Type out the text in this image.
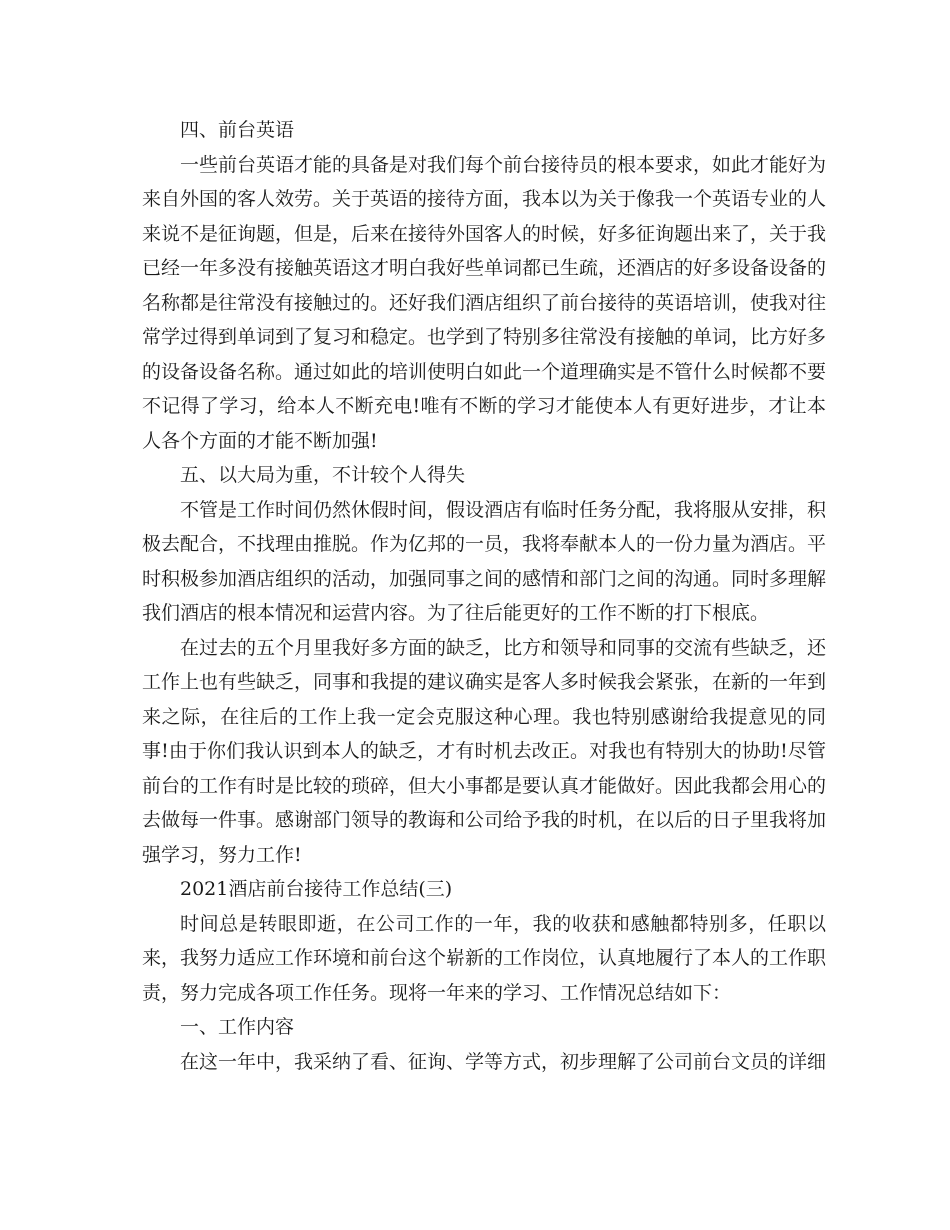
四、前台英语

一些前台英语才能的具备是对我们每个前台接待员的根本要求，如此才能好为来自外国的客人效劳。关于英语的接待方面，我本以为关于像我一个英语专业的人来说不是征询题，但是，后来在接待外国客人的时候，好多征询题出来了，关于我已经一年多没有接触英语这才明白我好些单词都已生疏，还酒店的好多设备设备的名称都是往常没有接触过的。还好我们酒店组织了前台接待的英语培训，使我对往常学过得到单词到了复习和稳定。也学到了特别多往常没有接触的单词，比方好多的设备设备名称。通过如此的培训使明白如此一个道理确实是不管什么时候都不要不记得了学习，给本人不断充电!唯有不断的学习才能使本人有更好进步，才让本人各个方面的才能不断加强!

五、以大局为重，不计较个人得失

不管是工作时间仍然休假时间，假设酒店有临时任务分配，我将服从安排，积极去配合，不找理由推脱。作为亿邦的一员，我将奉献本人的一份力量为酒店。平时积极参加酒店组织的活动，加强同事之间的感情和部门之间的沟通。同时多理解我们酒店的根本情况和运营内容。为了往后能更好的工作不断的打下根底。

在过去的五个月里我好多方面的缺乏，比方和领导和同事的交流有些缺乏，还工作上也有些缺乏，同事和我提的建议确实是客人多时候我会紧张，在新的一年到来之际，在往后的工作上我一定会克服这种心理。我也特别感谢给我提意见的同事!由于你们我认识到本人的缺乏，才有时机去改正。对我也有特别大的协助!尽管前台的工作有时是比较的琐碎，但大小事都是要认真才能做好。因此我都会用心的去做每一件事。感谢部门领导的教诲和公司给予我的时机，在以后的日子里我将加强学习，努力工作!

2021酒店前台接待工作总结(三)

时间总是转眼即逝，在公司工作的一年，我的收获和感触都特别多，任职以来，我努力适应工作环境和前台这个崭新的工作岗位，认真地履行了本人的工作职责，努力完成各项工作任务。现将一年来的学习、工作情况总结如下：

一、工作内容

在这一年中，我采纳了看、征询、学等方式，初步理解了公司前台文员的详细
